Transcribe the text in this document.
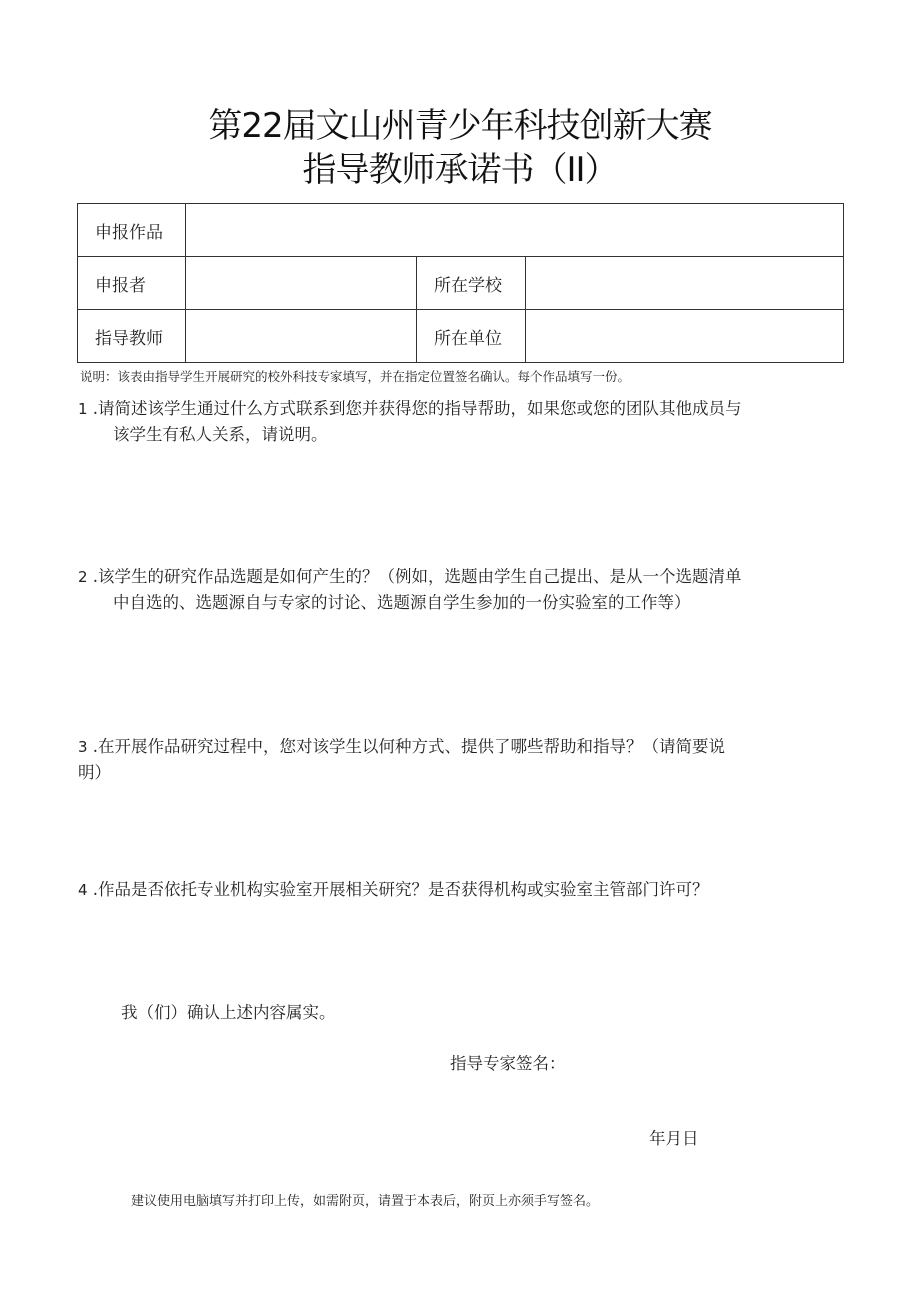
第22届文山州青少年科技创新大赛
指导教师承诺书（II）
申报作品			
申报者		所在学校	
指导教师		所在单位	
说明：该表由指导学生开展研究的校外科技专家填写，并在指定位置签名确认。每个作品填写一份。
1 .请简述该学生通过什么方式联系到您并获得您的指导帮助，如果您或您的团队其他成员与
该学生有私人关系，请说明。
2 .该学生的研究作品选题是如何产生的？（例如，选题由学生自己提出、是从一个选题清单
中自选的、选题源自与专家的讨论、选题源自学生参加的一份实验室的工作等）
3 .在开展作品研究过程中，您对该学生以何种方式、提供了哪些帮助和指导？（请简要说
明）
4 .作品是否依托专业机构实验室开展相关研究？是否获得机构或实验室主管部门许可？
我（们）确认上述内容属实。
指导专家签名：
年月日
建议使用电脑填写并打印上传，如需附页，请置于本表后，附页上亦须手写签名。
